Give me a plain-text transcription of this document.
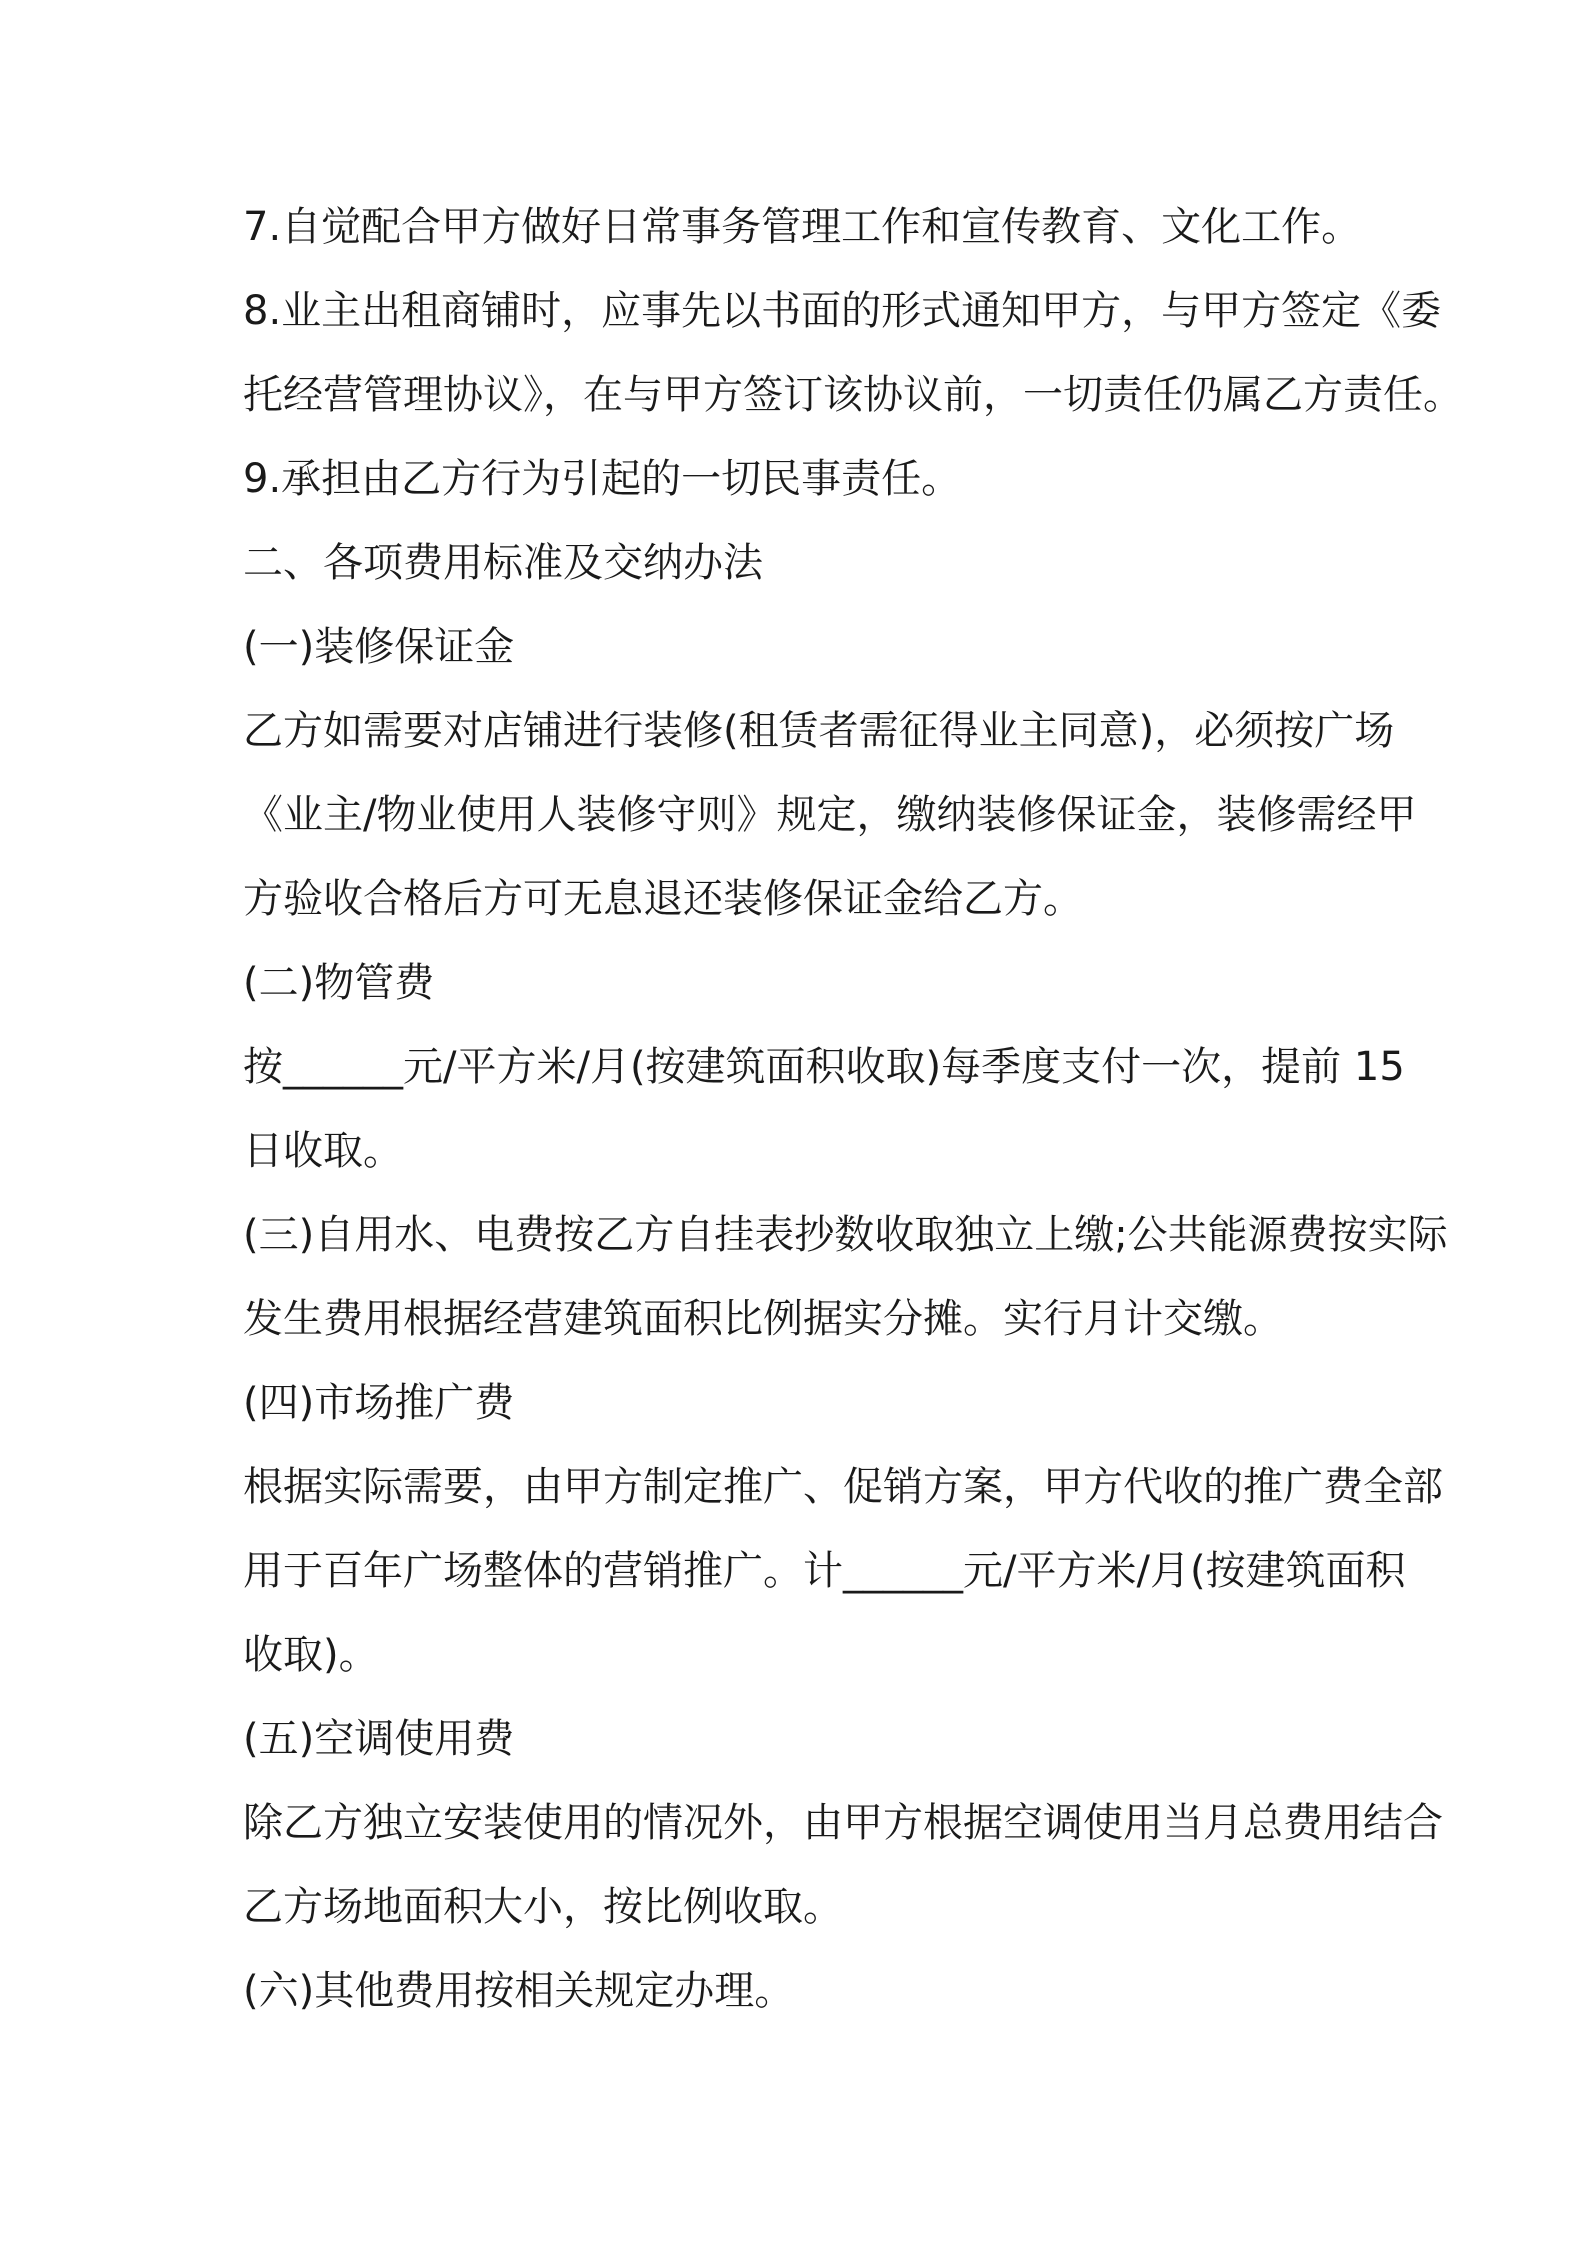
7.自觉配合甲方做好日常事务管理工作和宣传教育、文化工作。

8.业主出租商铺时，应事先以书面的形式通知甲方，与甲方签定《委

托经营管理协议》，在与甲方签订该协议前，一切责任仍属乙方责任。

9.承担由乙方行为引起的一切民事责任。

二、各项费用标准及交纳办法

(一)装修保证金

乙方如需要对店铺进行装修(租赁者需征得业主同意)，必须按广场

《业主/物业使用人装修守则》规定，缴纳装修保证金，装修需经甲

方验收合格后方可无息退还装修保证金给乙方。

(二)物管费

按______元/平方米/月(按建筑面积收取)每季度支付一次，提前 15

日收取。

(三)自用水、电费按乙方自挂表抄数收取独立上缴;公共能源费按实际

发生费用根据经营建筑面积比例据实分摊。实行月计交缴。

(四)市场推广费

根据实际需要，由甲方制定推广、促销方案，甲方代收的推广费全部

用于百年广场整体的营销推广。计______元/平方米/月(按建筑面积

收取)。

(五)空调使用费

除乙方独立安装使用的情况外，由甲方根据空调使用当月总费用结合

乙方场地面积大小，按比例收取。

(六)其他费用按相关规定办理。
